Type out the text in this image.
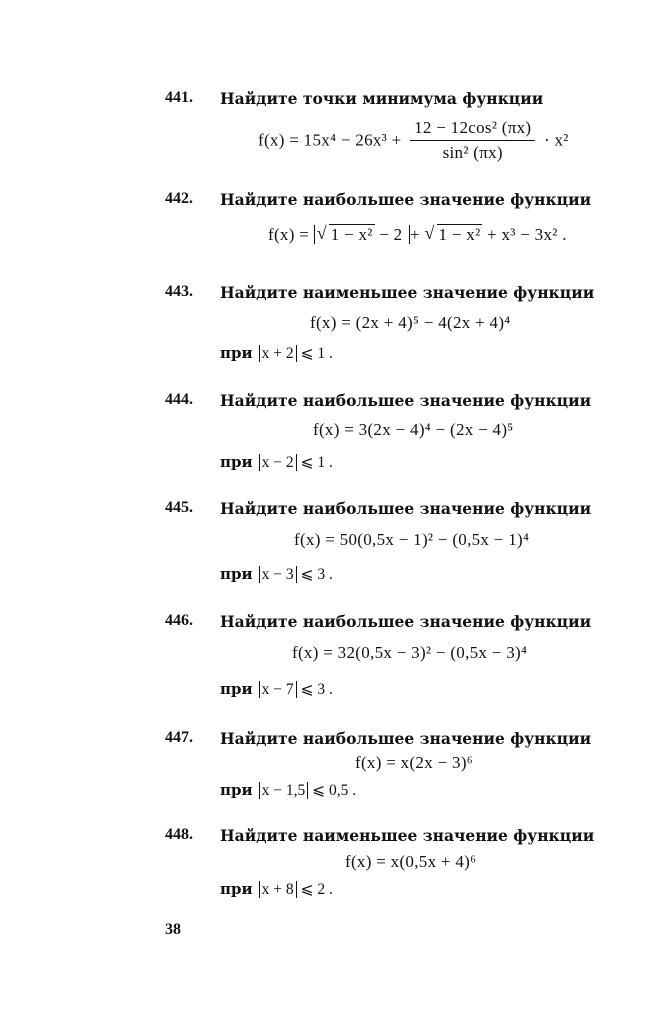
441. Найдите точки минимума функции
$f(x) = 15x^4 - 26x^3 + \frac{\text{12 − 12cos² (πx)}}{\text{sin² (πx)}} \cdot x^2$
442. Найдите наибольшее значение функции
f(x) = √ 1 − x² − 2 + √ 1 − x² + x³ − 3x² .
443. Найдите наименьшее значение функции
f(x) = (2x + 4)⁵ − 4(2x + 4)⁴
при x + 2 ⩽ 1 .
444. Найдите наибольшее значение функции
f(x) = 3(2x − 4)⁴ − (2x − 4)⁵
при x − 2 ⩽ 1 .
445. Найдите наибольшее значение функции
f(x) = 50(0,5x − 1)² − (0,5x − 1)⁴
при x − 3 ⩽ 3 .
446. Найдите наибольшее значение функции
f(x) = 32(0,5x − 3)² − (0,5x − 3)⁴
при x − 7 ⩽ 3 .
447. Найдите наибольшее значение функции
f(x) = x(2x − 3)⁶
при x − 1,5 ⩽ 0,5 .
448. Найдите наименьшее значение функции
f(x) = x(0,5x + 4)⁶
при x + 8 ⩽ 2 .
38
